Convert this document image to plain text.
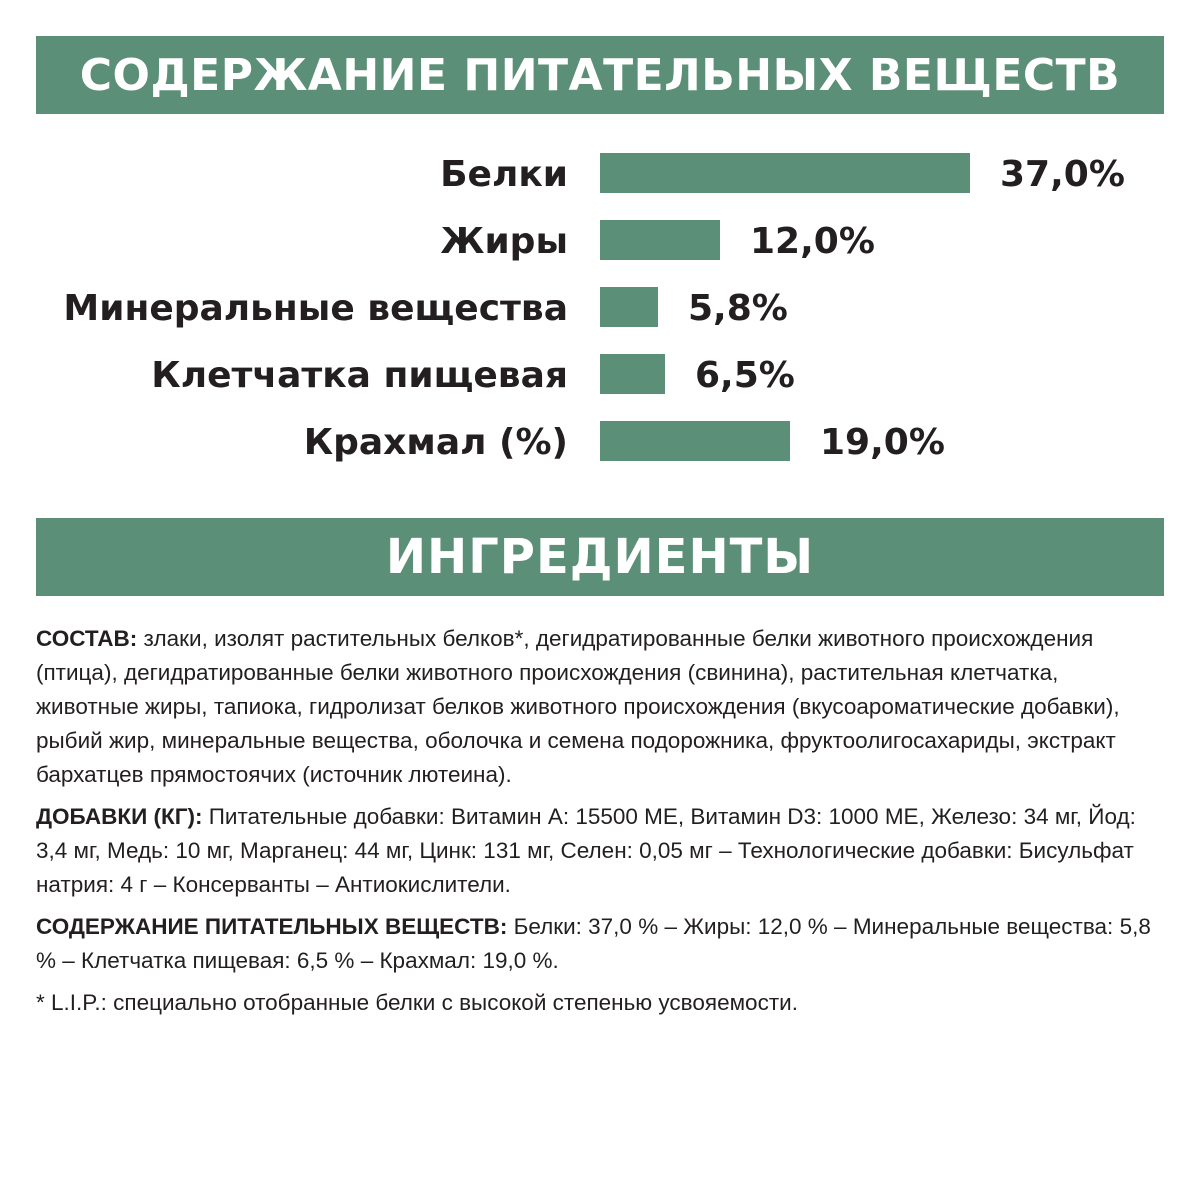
СОДЕРЖАНИЕ ПИТАТЕЛЬНЫХ ВЕЩЕСТВ
Белки	37,0%
Жиры	12,0%
Минеральные вещества	5,8%
Клетчатка пищевая	6,5%
Крахмал (%)	19,0%
ИНГРЕДИЕНТЫ

СОСТАВ: злаки, изолят растительных белков*, дегидратированные белки животного происхождения (птица), дегидратированные белки животного происхождения (свинина), растительная клетчатка, животные жиры, тапиока, гидролизат белков животного происхождения (вкусоароматические добавки), рыбий жир, минеральные вещества, оболочка и семена подорожника, фруктоолигосахариды, экстракт бархатцев прямостоячих (источник лютеина).

ДОБАВКИ (КГ): Питательные добавки: Витамин А: 15500 МЕ, Витамин D3: 1000 МЕ, Железо: 34 мг, Йод: 3,4 мг, Медь: 10 мг, Марганец: 44 мг, Цинк: 131 мг, Селен: 0,05 мг – Технологические добавки: Бисульфат натрия: 4 г – Консерванты – Антиокислители.

СОДЕРЖАНИЕ ПИТАТЕЛЬНЫХ ВЕЩЕСТВ: Белки: 37,0 % – Жиры: 12,0 % – Минеральные вещества: 5,8 % – Клетчатка пищевая: 6,5 % – Крахмал: 19,0 %.

* L.I.P.: специально отобранные белки с высокой степенью усвояемости.
